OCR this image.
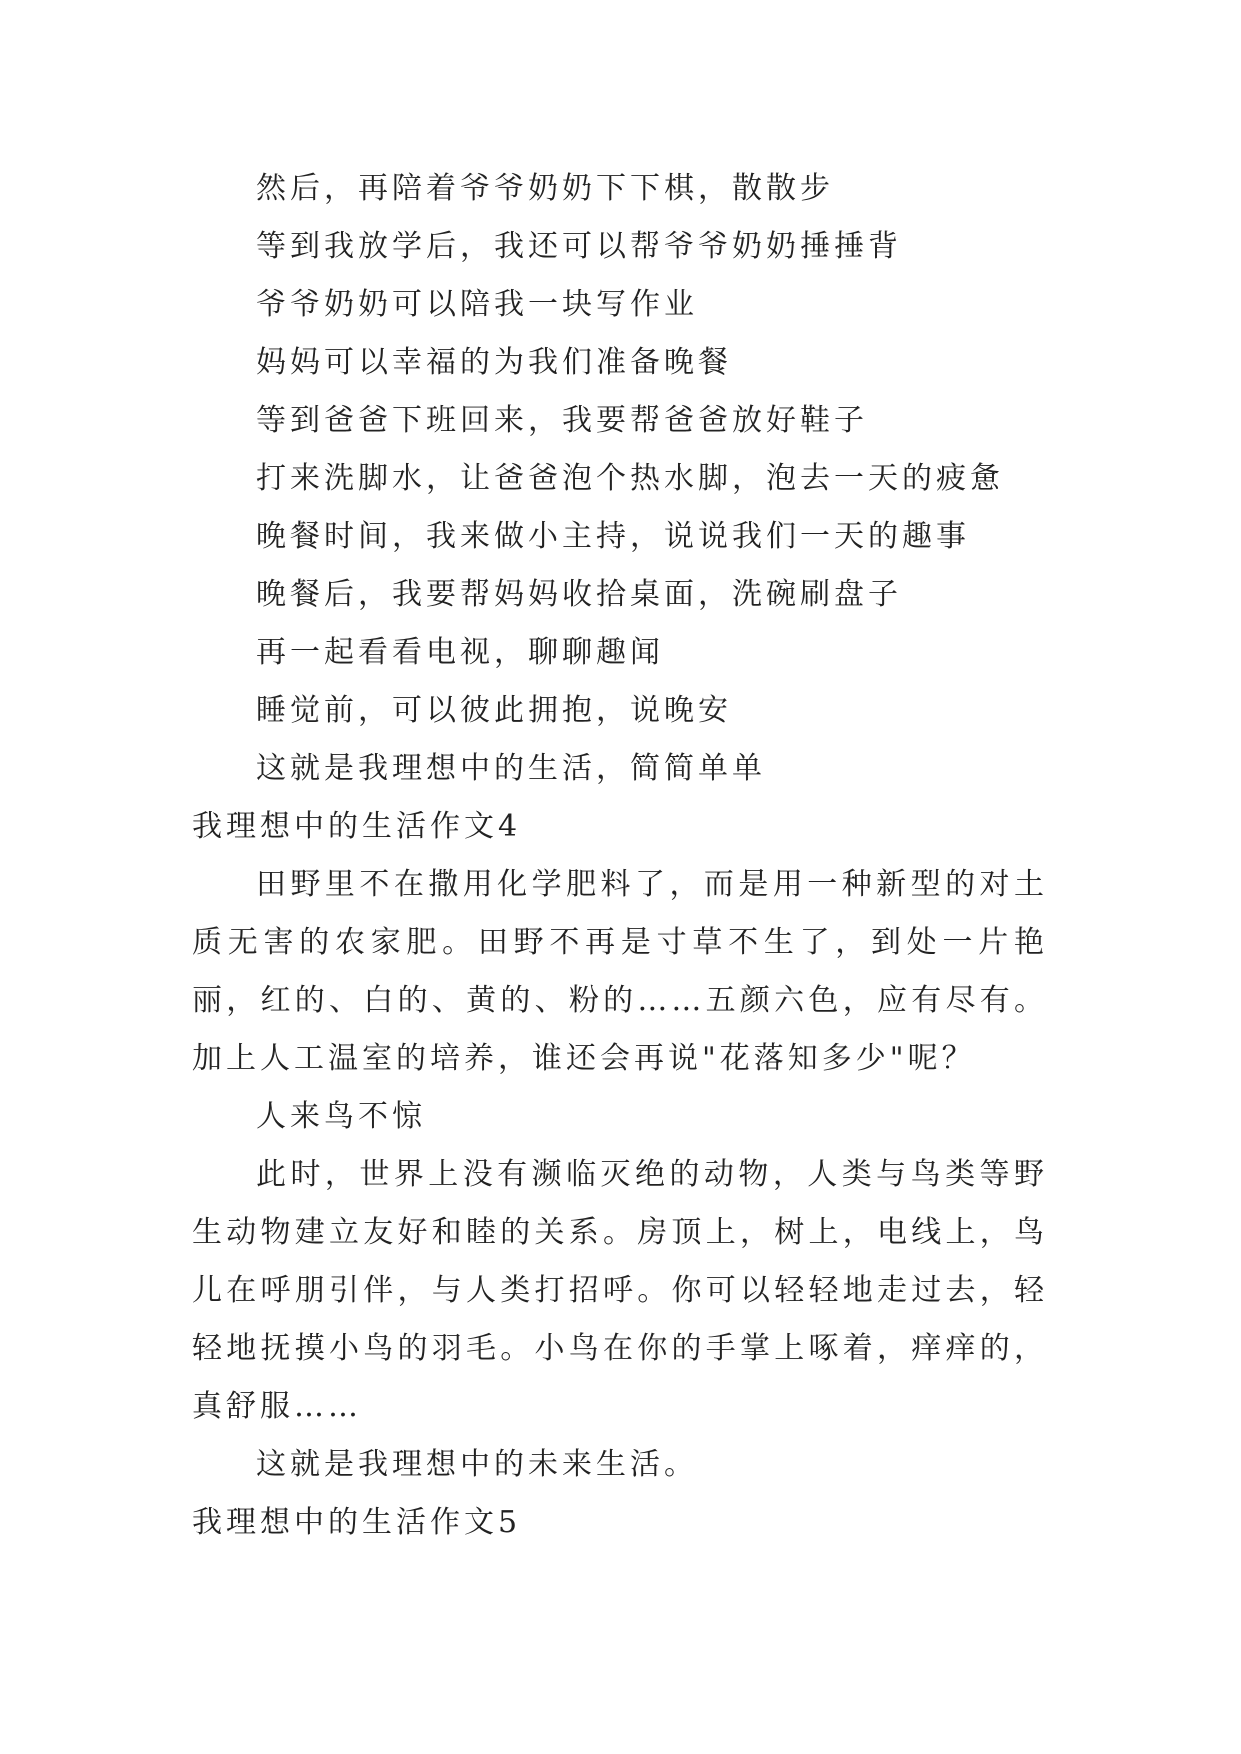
然后，再陪着爷爷奶奶下下棋，散散步
等到我放学后，我还可以帮爷爷奶奶捶捶背
爷爷奶奶可以陪我一块写作业
妈妈可以幸福的为我们准备晚餐
等到爸爸下班回来，我要帮爸爸放好鞋子
打来洗脚水，让爸爸泡个热水脚，泡去一天的疲惫
晚餐时间，我来做小主持，说说我们一天的趣事
晚餐后，我要帮妈妈收拾桌面，洗碗刷盘子
再一起看看电视，聊聊趣闻
睡觉前，可以彼此拥抱，说晚安
这就是我理想中的生活，简简单单
我理想中的生活作文4

田野里不在撒用化学肥料了，而是用一种新型的对土质无害的农家肥。田野不再是寸草不生了，到处一片艳丽，红的、白的、黄的、粉的……五颜六色，应有尽有。加上人工温室的培养，谁还会再说"花落知多少"呢？

人来鸟不惊

此时，世界上没有濒临灭绝的动物，人类与鸟类等野生动物建立友好和睦的关系。房顶上，树上，电线上，鸟儿在呼朋引伴，与人类打招呼。你可以轻轻地走过去，轻轻地抚摸小鸟的羽毛。小鸟在你的手掌上啄着，痒痒的，真舒服……

这就是我理想中的未来生活。
我理想中的生活作文5
